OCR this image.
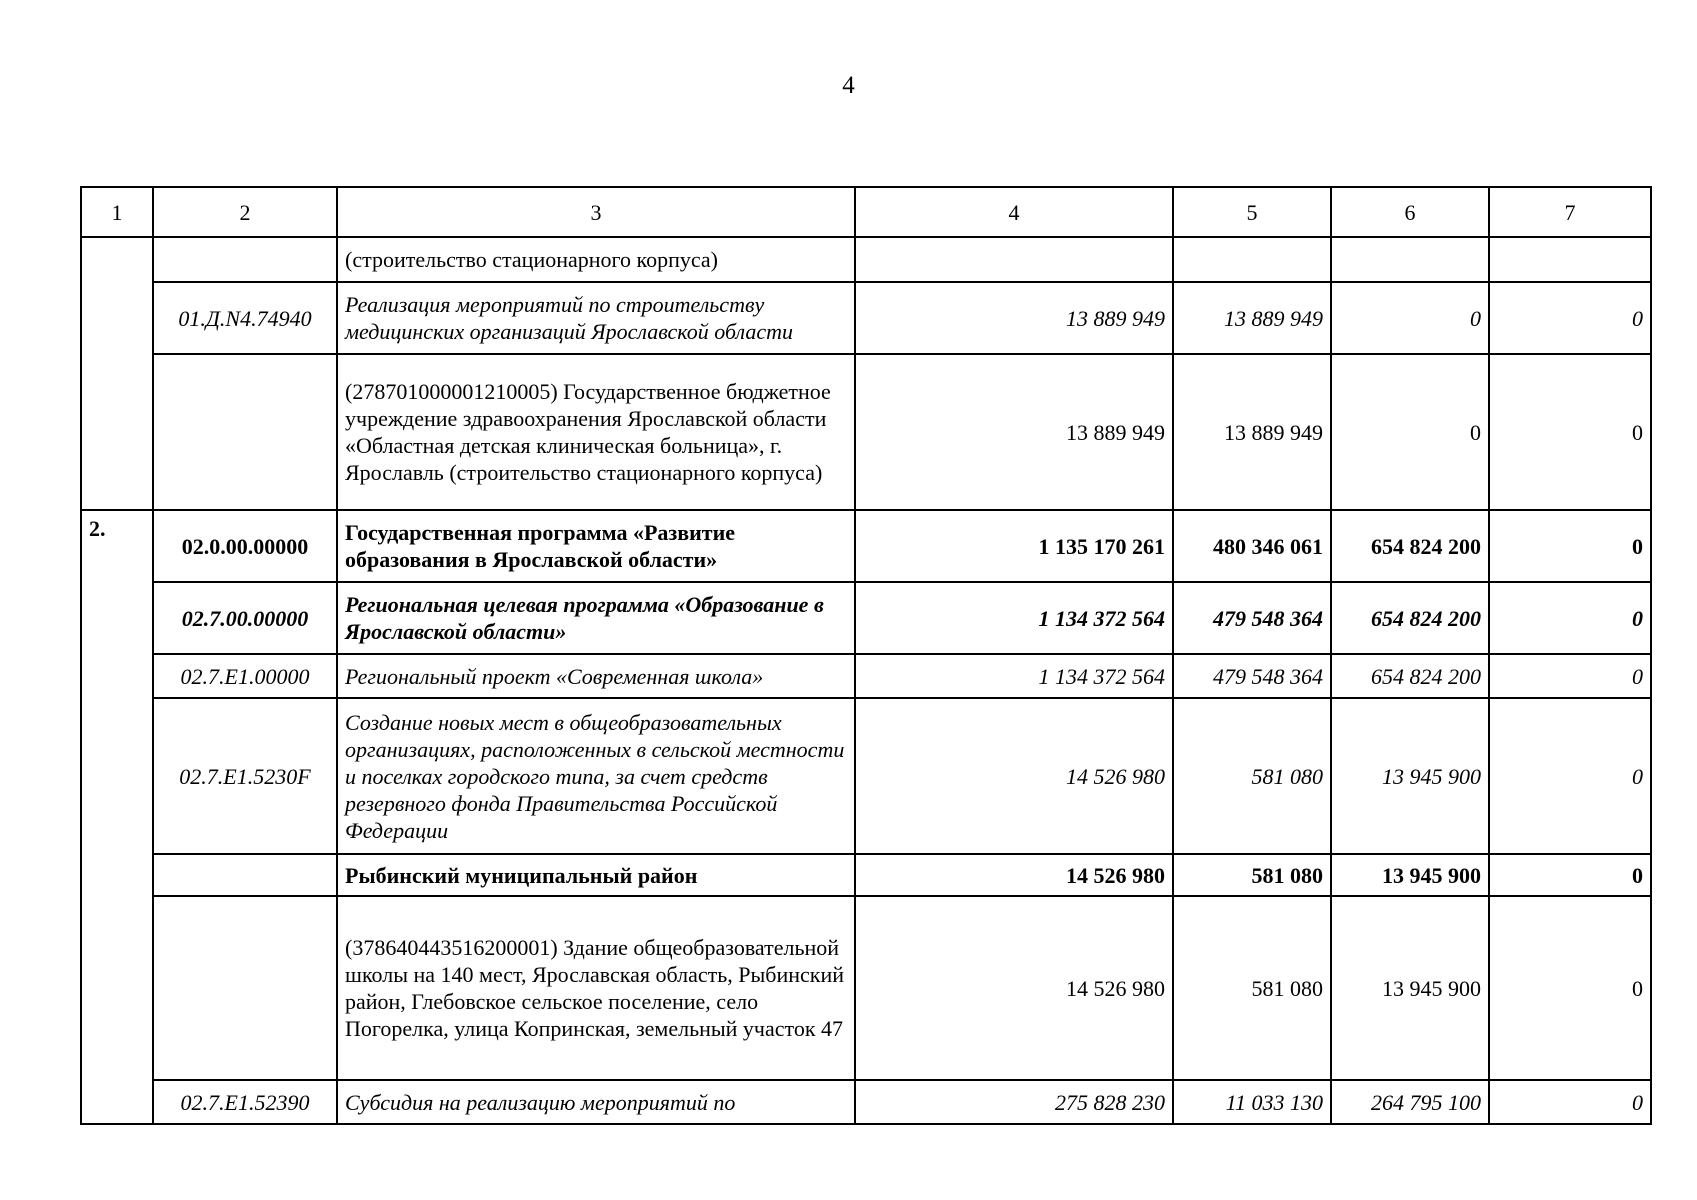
4
1	2	3	4	5	6	7
		(строительство стационарного корпуса)				
	01.Д.N4.74940	Реализация мероприятий по строительству медицинских организаций Ярославской области	13 889 949	13 889 949	0	0
		(278701000001210005) Государственное бюджетное учреждение здравоохранения Ярославской области «Областная детская клиническая больница», г. Ярославль (строительство стационарного корпуса)	13 889 949	13 889 949	0	0
2.	02.0.00.00000	Государственная программа «Развитие образования в Ярославской области»	1 135 170 261	480 346 061	654 824 200	0
	02.7.00.00000	Региональная целевая программа «Образование в Ярославской области»	1 134 372 564	479 548 364	654 824 200	0
	02.7.E1.00000	Региональный проект «Современная школа»	1 134 372 564	479 548 364	654 824 200	0
	02.7.E1.5230F	Создание новых мест в общеобразовательных организациях, расположенных в сельской местности и поселках городского типа, за счет средств резервного фонда Правительства Российской Федерации	14 526 980	581 080	13 945 900	0
		Рыбинский муниципальный район	14 526 980	581 080	13 945 900	0
		(378640443516200001) Здание общеобразовательной школы на 140 мест, Ярославская область, Рыбинский район, Глебовское сельское поселение, село Погорелка, улица Копринская, земельный участок 47	14 526 980	581 080	13 945 900	0
	02.7.E1.52390	Субсидия на реализацию мероприятий по	275 828 230	11 033 130	264 795 100	0
